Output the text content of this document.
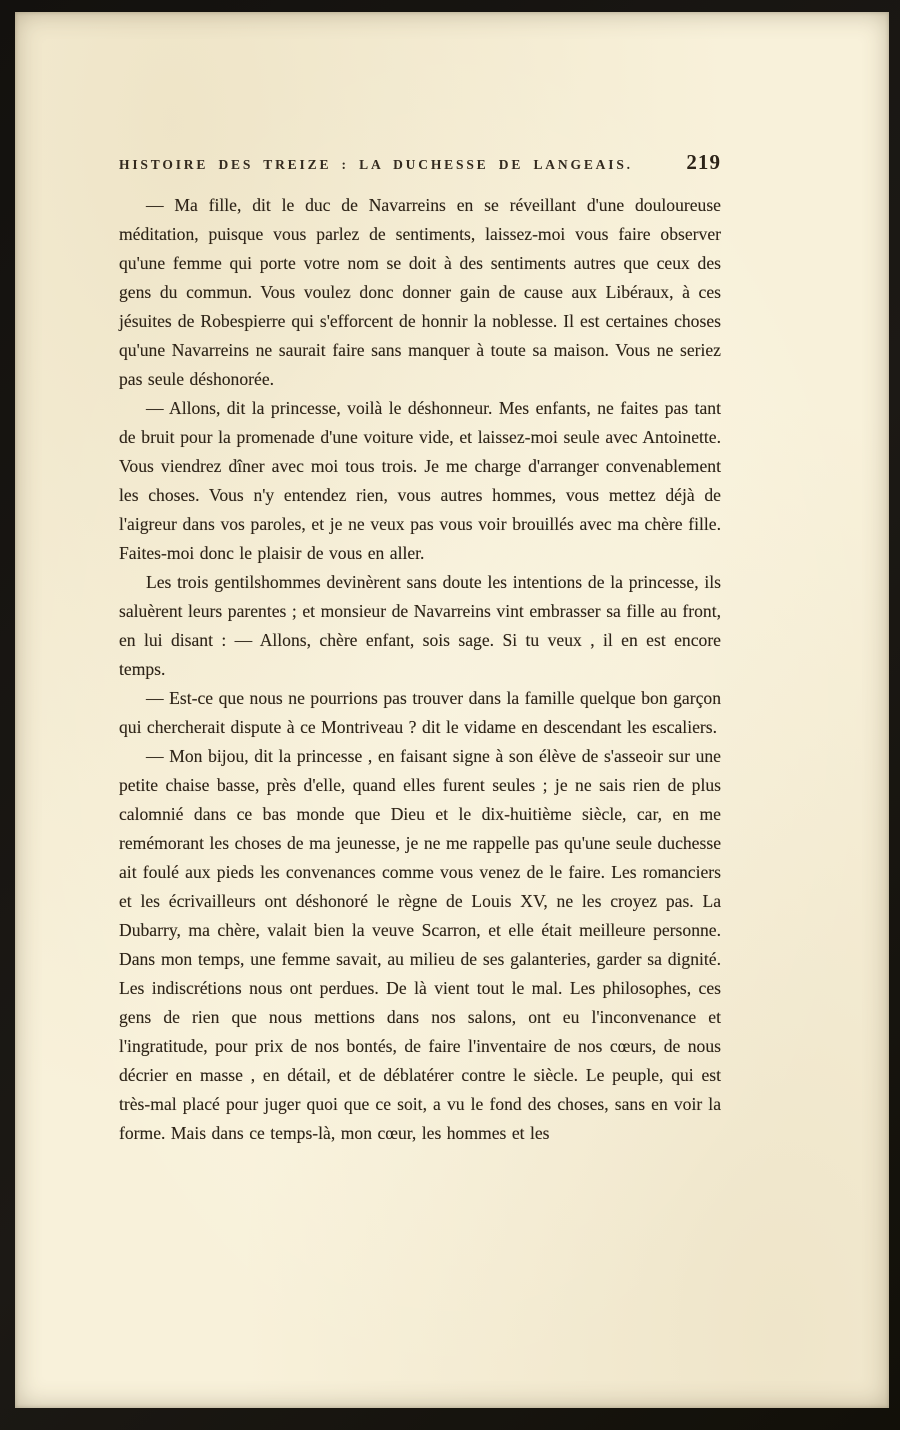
HISTOIRE DES TREIZE : LA DUCHESSE DE LANGEAIS.	219

— Ma fille, dit le duc de Navarreins en se réveillant d'une douloureuse méditation, puisque vous parlez de sentiments, laissez-moi vous faire observer qu'une femme qui porte votre nom se doit à des sentiments autres que ceux des gens du commun. Vous voulez donc donner gain de cause aux Libéraux, à ces jésuites de Robespierre qui s'efforcent de honnir la noblesse. Il est certaines choses qu'une Navarreins ne saurait faire sans manquer à toute sa maison. Vous ne seriez pas seule déshonorée.

— Allons, dit la princesse, voilà le déshonneur. Mes enfants, ne faites pas tant de bruit pour la promenade d'une voiture vide, et laissez-moi seule avec Antoinette. Vous viendrez dîner avec moi tous trois. Je me charge d'arranger convenablement les choses. Vous n'y entendez rien, vous autres hommes, vous mettez déjà de l'aigreur dans vos paroles, et je ne veux pas vous voir brouillés avec ma chère fille. Faites-moi donc le plaisir de vous en aller.

Les trois gentilshommes devinèrent sans doute les intentions de la princesse, ils saluèrent leurs parentes ; et monsieur de Navarreins vint embrasser sa fille au front, en lui disant : — Allons, chère enfant, sois sage. Si tu veux , il en est encore temps.

— Est-ce que nous ne pourrions pas trouver dans la famille quelque bon garçon qui chercherait dispute à ce Montriveau ? dit le vidame en descendant les escaliers.

— Mon bijou, dit la princesse , en faisant signe à son élève de s'asseoir sur une petite chaise basse, près d'elle, quand elles furent seules ; je ne sais rien de plus calomnié dans ce bas monde que Dieu et le dix-huitième siècle, car, en me remémorant les choses de ma jeunesse, je ne me rappelle pas qu'une seule duchesse ait foulé aux pieds les convenances comme vous venez de le faire. Les romanciers et les écrivailleurs ont déshonoré le règne de Louis XV, ne les croyez pas. La Dubarry, ma chère, valait bien la veuve Scarron, et elle était meilleure personne. Dans mon temps, une femme savait, au milieu de ses galanteries, garder sa dignité. Les indiscrétions nous ont perdues. De là vient tout le mal. Les philosophes, ces gens de rien que nous mettions dans nos salons, ont eu l'inconvenance et l'ingratitude, pour prix de nos bontés, de faire l'inventaire de nos cœurs, de nous décrier en masse , en détail, et de déblatérer contre le siècle. Le peuple, qui est très-mal placé pour juger quoi que ce soit, a vu le fond des choses, sans en voir la forme. Mais dans ce temps-là, mon cœur, les hommes et les
